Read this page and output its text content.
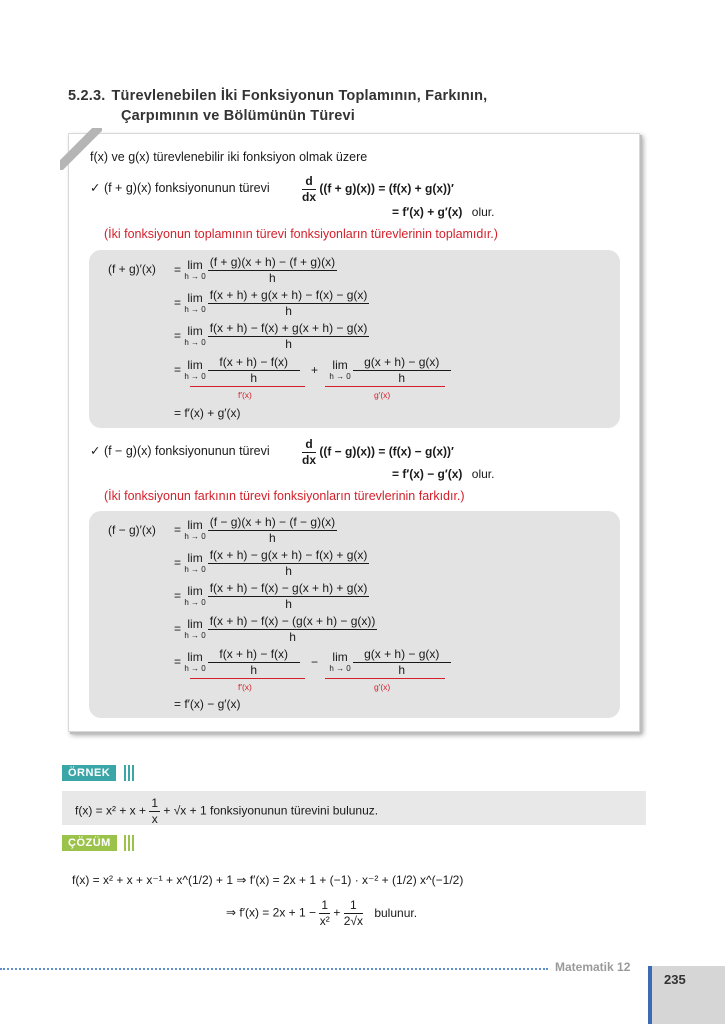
5.2.3. Türevlenebilen İki Fonksiyonun Toplamının, Farkının,
Çarpımının ve Bölümünün Türevi
f(x) ve g(x) türevlenebilir iki fonksiyon olmak üzere
✓ (f + g)(x) fonksiyonunun türevi	$\frac{d}{dx} ((f + g)(x)) = (f(x) + g(x))'$
= f′(x) + g′(x) olur.
(İki fonksiyonun toplamının türevi fonksiyonların türevlerinin toplamıdır.)
(f + g)′(x) = lim
$h \to 0 \frac{(f + g)(x + h) - (f + g)(x)}{h}$
= lim
$h \to 0 \frac{f(x + h) + g(x + h) - f(x) - g(x)}{h}$
= lim
$h \to 0 \frac{f(x + h) - f(x) + g(x + h) - g(x)}{h}$
= lim
$h \to 0 \frac{f(x + h) - f(x)}{h} + \lim$
$h \to 0 \frac{g(x + h) - g(x)}{h}$
f′(x)	g′(x)
= f′(x) + g′(x)
✓ (f − g)(x) fonksiyonunun türevi	$\frac{d}{dx} ((f - g)(x)) = (f(x) - g(x))'$
= f′(x) − g′(x) olur.
(İki fonksiyonun farkının türevi fonksiyonların türevlerinin farkıdır.)
(f − g)′(x) = lim
$h \to 0 \frac{(f - g)(x + h) - (f - g)(x)}{h}$
= lim
$h \to 0 \frac{f(x + h) - g(x + h) - f(x) + g(x)}{h}$
= lim
$h \to 0 \frac{f(x + h) - f(x) - g(x + h) + g(x)}{h}$
= lim
$h \to 0 \frac{f(x + h) - f(x) - (g(x + h) - g(x))}{h}$
= lim
$h \to 0 \frac{f(x + h) - f(x)}{h} - \lim$
$h \to 0 \frac{g(x + h) - g(x)}{h}$
f′(x)	g′(x)
= f′(x) − g′(x)
ÖRNEK
$f(x) = x^2 + x + \frac{1}{x} + √x + 1$ fonksiyonunun türevini bulunuz.
ÇÖZÜM
f(x) = x² + x + x⁻¹ + x^(1/2) + 1 ⇒ f′(x) = 2x + 1 + (−1) · x⁻² + (1/2) x^(−1/2)
⇒ $f'(x) = 2x + 1 - \frac{1}{\text{x²}} + \frac{1}{2√x}$ bulunur.
Matematik 12
235
